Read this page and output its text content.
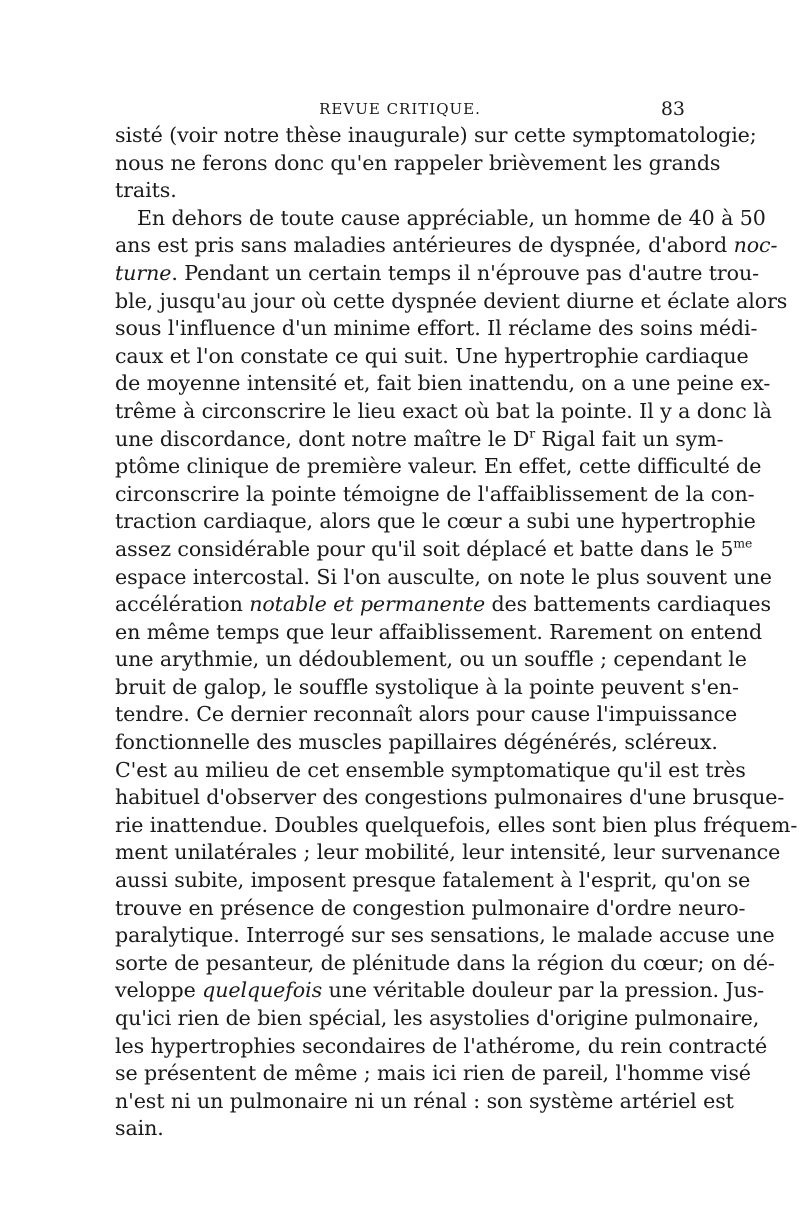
REVUE CRITIQUE.	83
sisté (voir notre thèse inaugurale) sur cette symptomatologie;
nous ne ferons donc qu'en rappeler brièvement les grands
traits.
En dehors de toute cause appréciable, un homme de 40 à 50
ans est pris sans maladies antérieures de dyspnée, d'abord noc-
turne. Pendant un certain temps il n'éprouve pas d'autre trou-
ble, jusqu'au jour où cette dyspnée devient diurne et éclate alors
sous l'influence d'un minime effort. Il réclame des soins médi-
caux et l'on constate ce qui suit. Une hypertrophie cardiaque
de moyenne intensité et, fait bien inattendu, on a une peine ex-
trême à circonscrire le lieu exact où bat la pointe. Il y a donc là
une discordance, dont notre maître le $D^r$ Rigal fait un sym-
ptôme clinique de première valeur. En effet, cette difficulté de
circonscrire la pointe témoigne de l'affaiblissement de la con-
traction cardiaque, alors que le cœur a subi une hypertrophie
assez considérable pour qu'il soit déplacé et batte dans le $5^{me}$
espace intercostal. Si l'on ausculte, on note le plus souvent une
accélération notable et permanente des battements cardiaques
en même temps que leur affaiblissement. Rarement on entend
une arythmie, un dédoublement, ou un souffle ; cependant le
bruit de galop, le souffle systolique à la pointe peuvent s'en-
tendre. Ce dernier reconnaît alors pour cause l'impuissance
fonctionnelle des muscles papillaires dégénérés, scléreux.
C'est au milieu de cet ensemble symptomatique qu'il est très
habituel d'observer des congestions pulmonaires d'une brusque-
rie inattendue. Doubles quelquefois, elles sont bien plus fréquem-
ment unilatérales ; leur mobilité, leur intensité, leur survenance
aussi subite, imposent presque fatalement à l'esprit, qu'on se
trouve en présence de congestion pulmonaire d'ordre neuro-
paralytique. Interrogé sur ses sensations, le malade accuse une
sorte de pesanteur, de plénitude dans la région du cœur; on dé-
veloppe quelquefois une véritable douleur par la pression. Jus-
qu'ici rien de bien spécial, les asystolies d'origine pulmonaire,
les hypertrophies secondaires de l'athérome, du rein contracté
se présentent de même ; mais ici rien de pareil, l'homme visé
n'est ni un pulmonaire ni un rénal : son système artériel est
sain.
